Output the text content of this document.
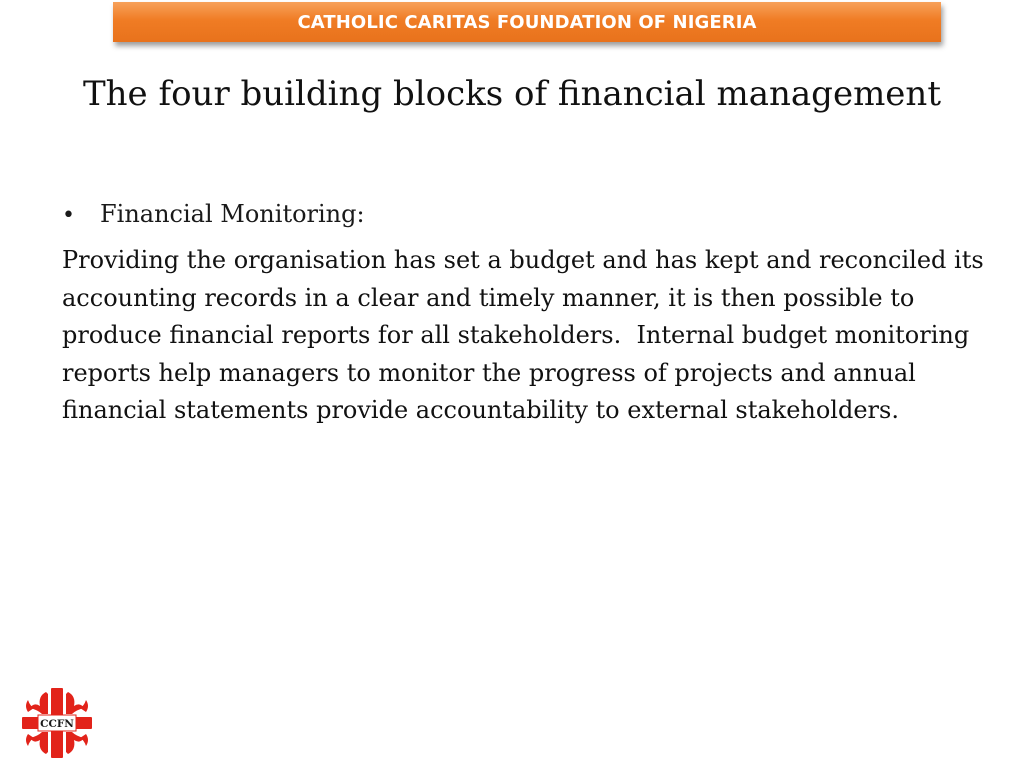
CATHOLIC CARITAS FOUNDATION OF NIGERIA
The four building blocks of financial management
•	Financial Monitoring:

Providing the organisation has set a budget and has kept and reconciled its accounting records in a clear and timely manner, it is then possible to produce financial reports for all stakeholders.  Internal budget monitoring reports help managers to monitor the progress of projects and annual financial statements provide accountability to external stakeholders.

CCFN
